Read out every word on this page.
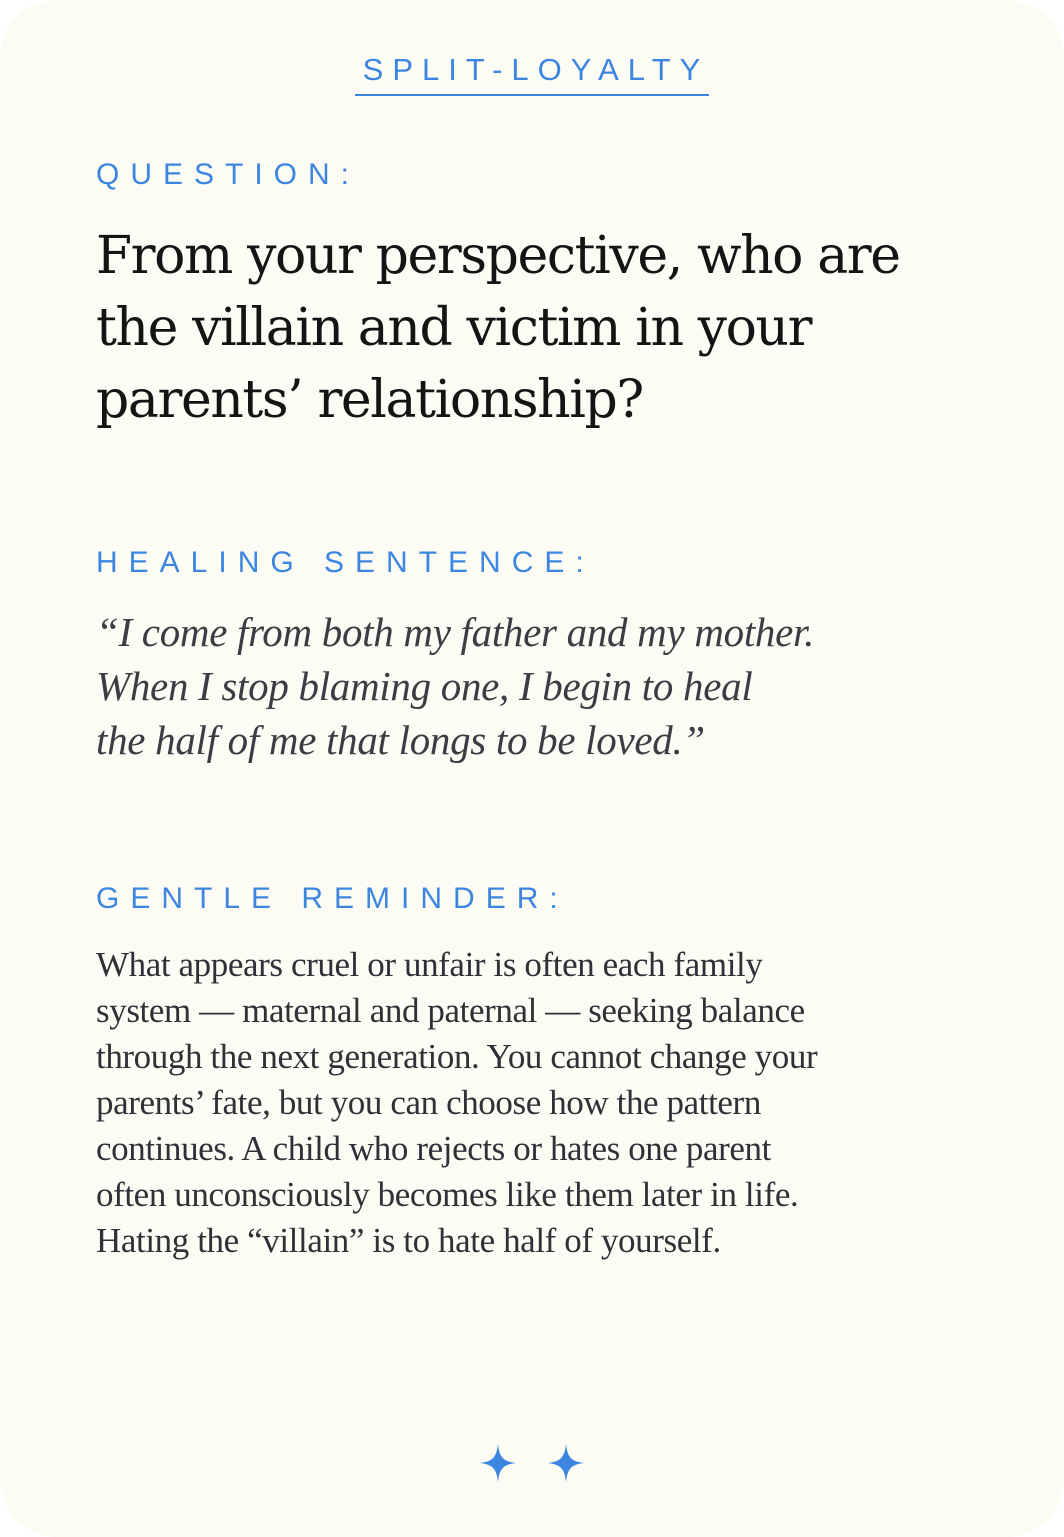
SPLIT-LOYALTY
QUESTION:
From your perspective, who are
the villain and victim in your
parents’ relationship?
HEALING SENTENCE:

“I come from both my father and my mother.
When I stop blaming one, I begin to heal
the half of me that longs to be loved.”

GENTLE REMINDER:

What appears cruel or unfair is often each family
system — maternal and paternal — seeking balance
through the next generation. You cannot change your
parents’ fate, but you can choose how the pattern
continues. A child who rejects or hates one parent
often unconsciously becomes like them later in life.
Hating the “villain” is to hate half of yourself.
